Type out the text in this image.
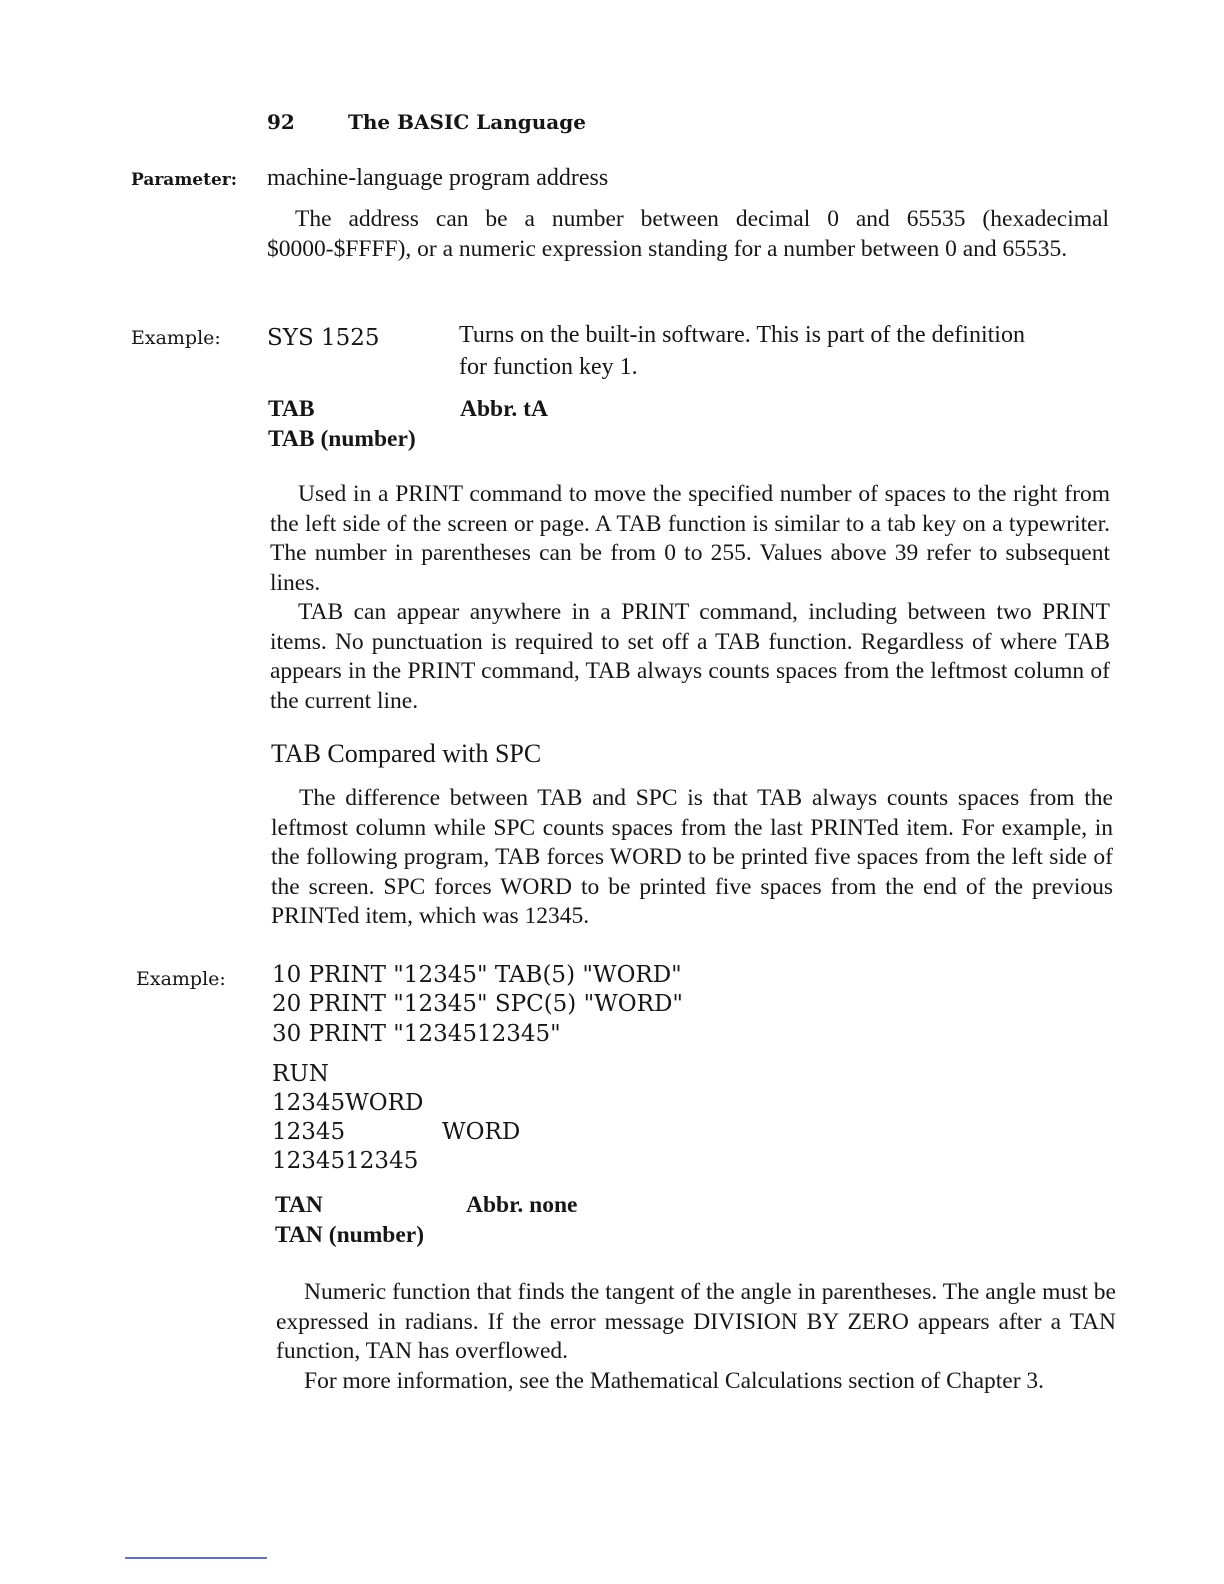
92	The BASIC Language
Parameter: machine-language program address

The address can be a number between decimal 0 and 65535 (hexadecimal $0000-$FFFF), or a numeric expression standing for a number between 0 and 65535.

Example: SYS 1525	Turns on the built-in software. This is part of the definition
for function key 1.
TAB	Abbr. tA
TAB (number)

Used in a PRINT command to move the specified number of spaces to the right from the left side of the screen or page. A TAB function is similar to a tab key on a typewriter. The number in parentheses can be from 0 to 255. Values above 39 refer to subsequent lines.

TAB can appear anywhere in a PRINT command, including between two PRINT items. No punctuation is required to set off a TAB function. Regardless of where TAB appears in the PRINT command, TAB always counts spaces from the leftmost column of the current line.

TAB Compared with SPC

The difference between TAB and SPC is that TAB always counts spaces from the leftmost column while SPC counts spaces from the last PRINTed item. For example, in the following program, TAB forces WORD to be printed five spaces from the left side of the screen. SPC forces WORD to be printed five spaces from the end of the previous PRINTed item, which was 12345.

Example: 10 PRINT "12345" TAB(5) "WORD"
20 PRINT "12345" SPC(5) "WORD"
30 PRINT "1234512345"
RUN
12345WORD
12345	WORD
1234512345
TAN	Abbr. none
TAN (number)

Numeric function that finds the tangent of the angle in parentheses. The angle must be expressed in radians. If the error message DIVISION BY ZERO appears after a TAN function, TAN has overflowed.

For more information, see the Mathematical Calculations section of Chapter 3.
